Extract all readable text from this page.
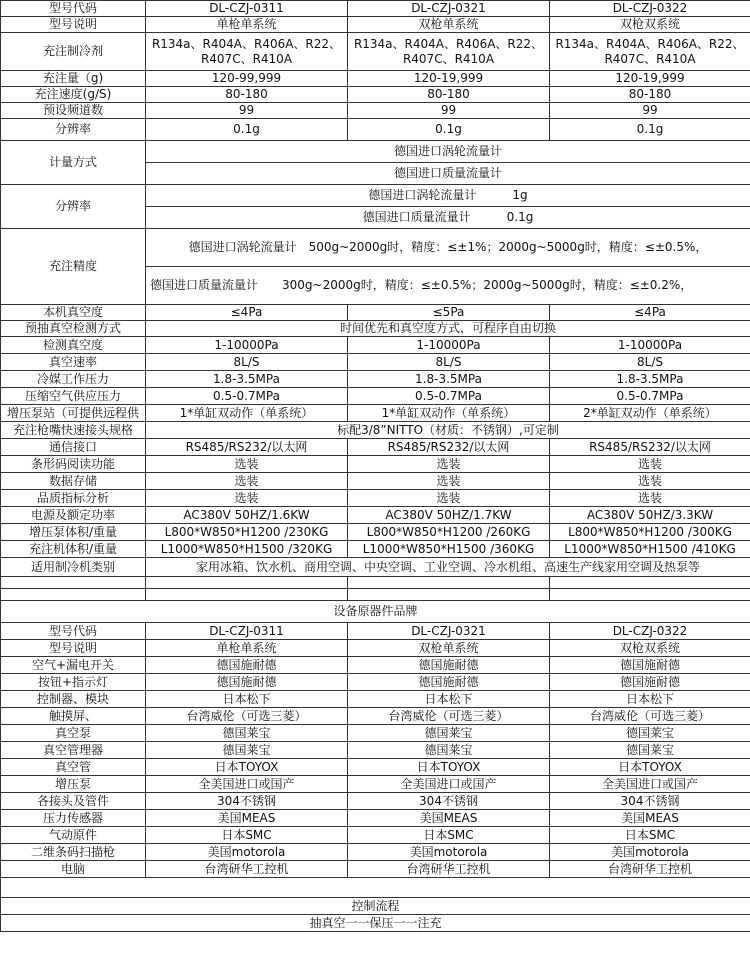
型号代码	DL-CZJ-0311	DL-CZJ-0321	DL-CZJ-0322
型号说明	单枪单系统	双枪单系统	双枪双系统
充注制冷剂	R134a、R404A、R406A、R22、R407C、R410A	R134a、R404A、R406A、R22、R407C、R410A	R134a、R404A、R406A、R22、R407C、R410A
充注量（g)	120-99,999	120-19,999	120-19,999
充注速度(g/S)	80-180	80-180	80-180
预设频道数	99	99	99
分辨率	0.1g	0.1g	0.1g
计量方式	德国进口涡轮流量计		
	德国进口质量流量计		
分辨率	德国进口涡轮流量计　　　1g		
	德国进口质量流量计　　　0.1g		
充注精度	德国进口涡轮流量计　500g~2000g时，精度：≤±1%；2000g~5000g时，精度：≤±0.5%，		
	德国进口质量流量计　　300g~2000g时，精度：≤±0.5%；2000g~5000g时，精度：≤±0.2%，		
本机真空度	≤4Pa	≤5Pa	≤4Pa
预抽真空检测方式	时间优先和真空度方式，可程序自由切换		
检测真空度	1-10000Pa	1-10000Pa	1-10000Pa
真空速率	8L/S	8L/S	8L/S
冷媒工作压力	1.8-3.5MPa	1.8-3.5MPa	1.8-3.5MPa
压缩空气供应压力	0.5-0.7MPa	0.5-0.7MPa	0.5-0.7MPa
增压泵站（可提供远程供	1*单缸双动作（单系统）	1*单缸双动作（单系统）	2*单缸双动作（单系统）
充注枪嘴快速接头规格	标配3/8”NITTO（材质：不锈钢）,可定制		
通信接口	RS485/RS232/以太网	RS485/RS232/以太网	RS485/RS232/以太网
条形码阅读功能	选装	选装	选装
数据存储	选装	选装	选装
品质指标分析	选装	选装	选装
电源及额定功率	AC380V 50HZ/1.6KW	AC380V 50HZ/1.7KW	AC380V 50HZ/3.3KW
增压泵体积/重量	L800*W850*H1200 /230KG	L800*W850*H1200 /260KG	L800*W850*H1200 /300KG
充注机体积/重量	L1000*W850*H1500 /320KG	L1000*W850*H1500 /360KG	L1000*W850*H1500 /410KG
适用制冷机类别	家用冰箱、饮水机、商用空调、中央空调、工业空调、冷水机组、高速生产线家用空调及热泵等		

设备原器件品牌			
型号代码	DL-CZJ-0311	DL-CZJ-0321	DL-CZJ-0322
型号说明	单枪单系统	双枪单系统	双枪双系统
空气+漏电开关	德国施耐德	德国施耐德	德国施耐德
按钮+指示灯	德国施耐德	德国施耐德	德国施耐德
控制器、模块	日本松下	日本松下	日本松下
触摸屏、	台湾威伦（可选三菱）	台湾威伦（可选三菱）	台湾威伦（可选三菱）
真空泵	德国莱宝	德国莱宝	德国莱宝
真空管理器	德国莱宝	德国莱宝	德国莱宝
真空管	日本TOYOX	日本TOYOX	日本TOYOX
增压泵	全美国进口或国产	全美国进口或国产	全美国进口或国产
各接头及管件	304不锈钢	304不锈钢	304不锈钢
压力传感器	美国MEAS	美国MEAS	美国MEAS
气动原件	日本SMC	日本SMC	日本SMC
二维条码扫描枪	美国motorola	美国motorola	美国motorola
电脑	台湾研华工控机	台湾研华工控机	台湾研华工控机

控制流程			
抽真空一一保压一一注充			
